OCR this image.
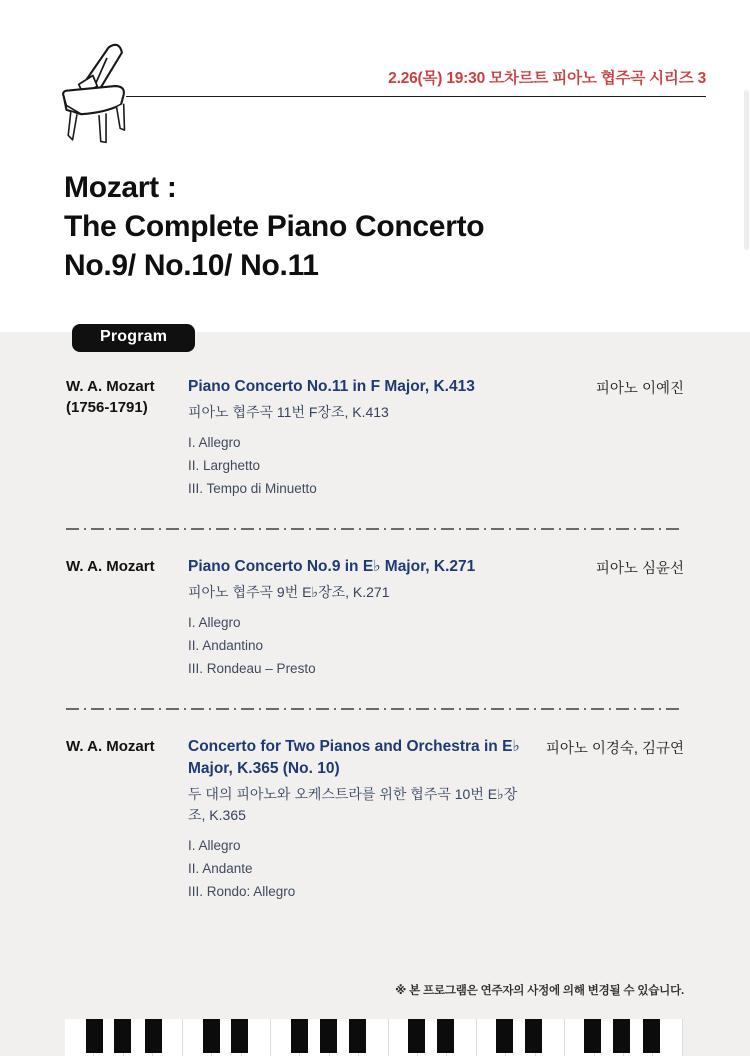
2.26(목) 19:30 모차르트 피아노 협주곡 시리즈 3
Mozart :
The Complete Piano Concerto
No.9/ No.10/ No.11
Program
W. A. Mozart
(1756-1791)
Piano Concerto No.11 in F Major, K.413
피아노 협주곡 11번 F장조, K.413
I. Allegro
II. Larghetto
III. Tempo di Minuetto
피아노 이예진
W. A. Mozart	Piano Concerto No.9 in E♭ Major, K.271
피아노 협주곡 9번 E♭장조, K.271
I. Allegro
II. Andantino
III. Rondeau – Presto
피아노 심윤선
W. A. Mozart	Concerto for Two Pianos and Orchestra in E♭ Major, K.365 (No. 10)
두 대의 피아노와 오케스트라를 위한 협주곡 10번 E♭장조, K.365
I. Allegro
II. Andante
III. Rondo: Allegro
피아노 이경숙, 김규연
※ 본 프로그램은 연주자의 사정에 의해 변경될 수 있습니다.
